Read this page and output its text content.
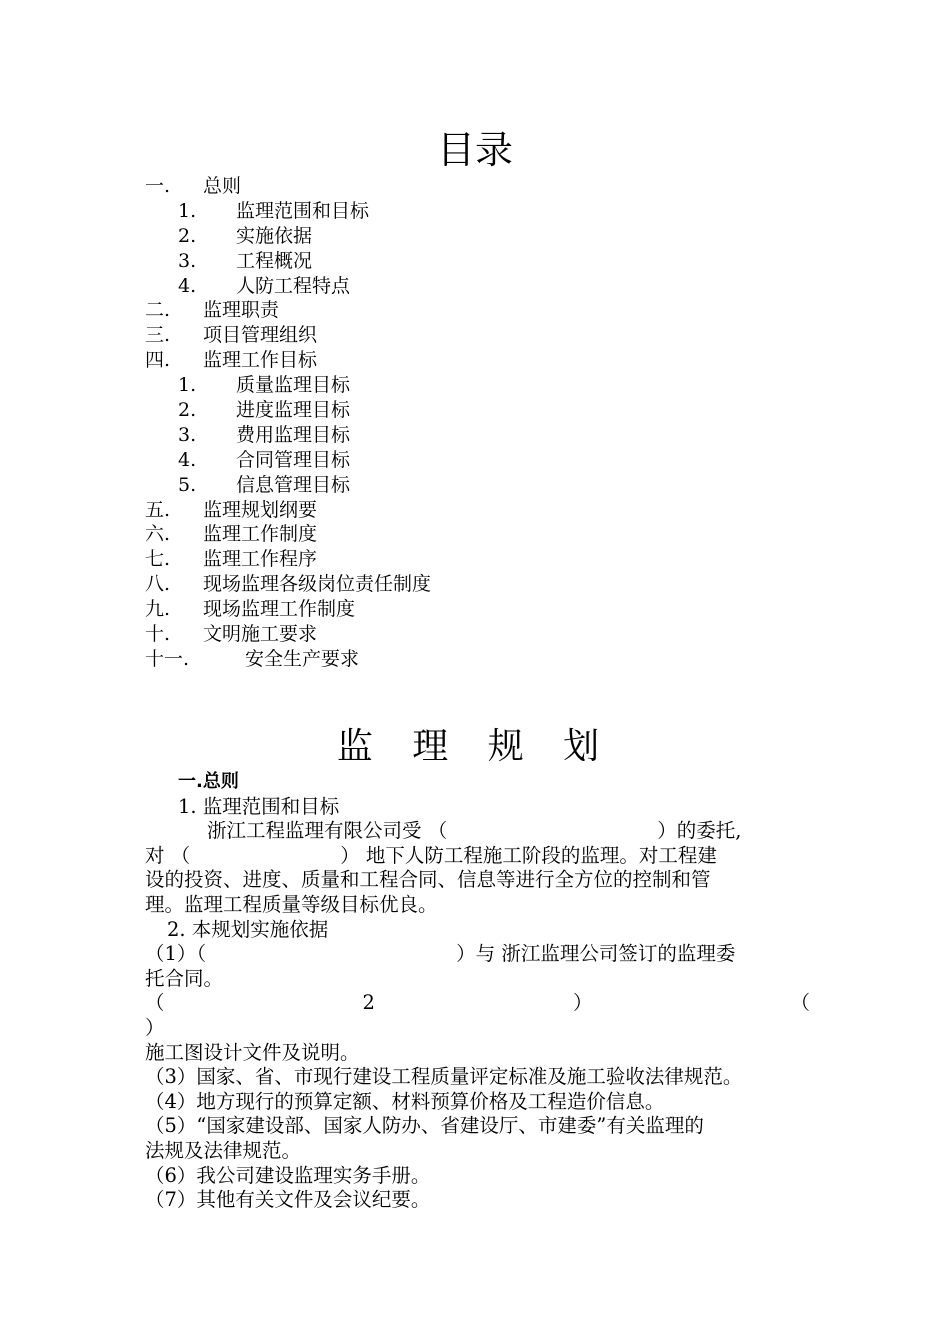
目录
一. 总则
1. 监理范围和目标
2. 实施依据
3. 工程概况
4. 人防工程特点
二. 监理职责
三. 项目管理组织
四. 监理工作目标
1. 质量监理目标
2. 进度监理目标
3. 费用监理目标
4. 合同管理目标
5. 信息管理目标
五. 监理规划纲要
六. 监理工作制度
七. 监理工作程序
八. 现场监理各级岗位责任制度
九. 现场监理工作制度
十. 文明施工要求
十一.	安全生产要求
监 理 规 划
一.总则
1. 监理范围和目标
浙江工程监理有限公司受 （	）的委托,
对 （	） 地下人防工程施工阶段的监理。对工程建
设的投资、进度、质量和工程合同、信息等进行全方位的控制和管
理。监理工程质量等级目标优良。
2. 本规划实施依据
（1）（	）与 浙江监理公司签订的监理委
托合同。
（	2	）	（
）
施工图设计文件及说明。
（3）国家、省、市现行建设工程质量评定标准及施工验收法律规范。
（4）地方现行的预算定额、材料预算价格及工程造价信息。
（5）“国家建设部、国家人防办、省建设厅、市建委”有关监理的
法规及法律规范。
（6）我公司建设监理实务手册。
（7）其他有关文件及会议纪要。
